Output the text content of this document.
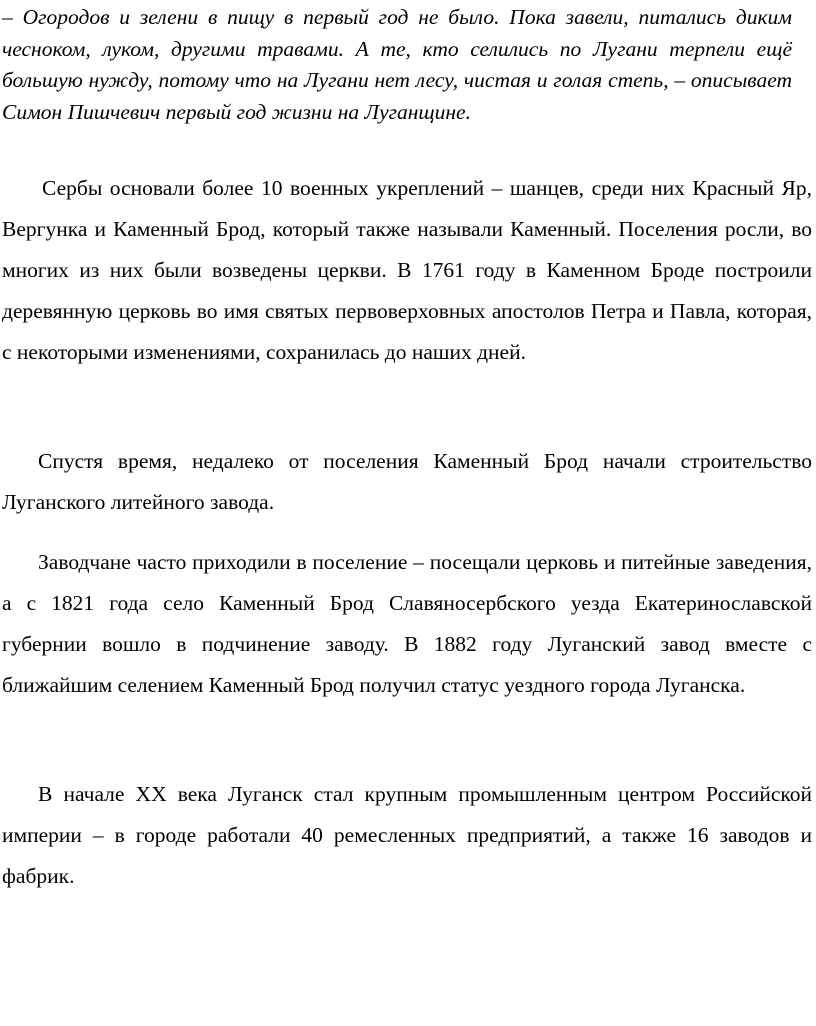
– Огородов и зелени в пищу в первый год не было. Пока завели, питались диким чесноком, луком, другими травами. А те, кто селились по Лугани терпели ещё большую нужду, потому что на Лугани нет лесу, чистая и голая степь, – описывает Симон Пишчевич первый год жизни на Луганщине.

Сербы основали более 10 военных укреплений – шанцев, среди них Красный Яр, Вергунка и Каменный Брод, который также называли Каменный. Поселения росли, во многих из них были возведены церкви. В 1761 году в Каменном Броде построили деревянную церковь во имя святых первоверховных апостолов Петра и Павла, которая, с некоторыми изменениями, сохранилась до наших дней.

Спустя время, недалеко от поселения Каменный Брод начали строительство Луганского литейного завода.

Заводчане часто приходили в поселение – посещали церковь и питейные заведения, а с 1821 года село Каменный Брод Славяносербского уезда Екатеринославской губернии вошло в подчинение заводу. В 1882 году Луганский завод вместе с ближайшим селением Каменный Брод получил статус уездного города Луганска.

В начале XX века Луганск стал крупным промышленным центром Российской империи – в городе работали 40 ремесленных предприятий, а также 16 заводов и фабрик.
